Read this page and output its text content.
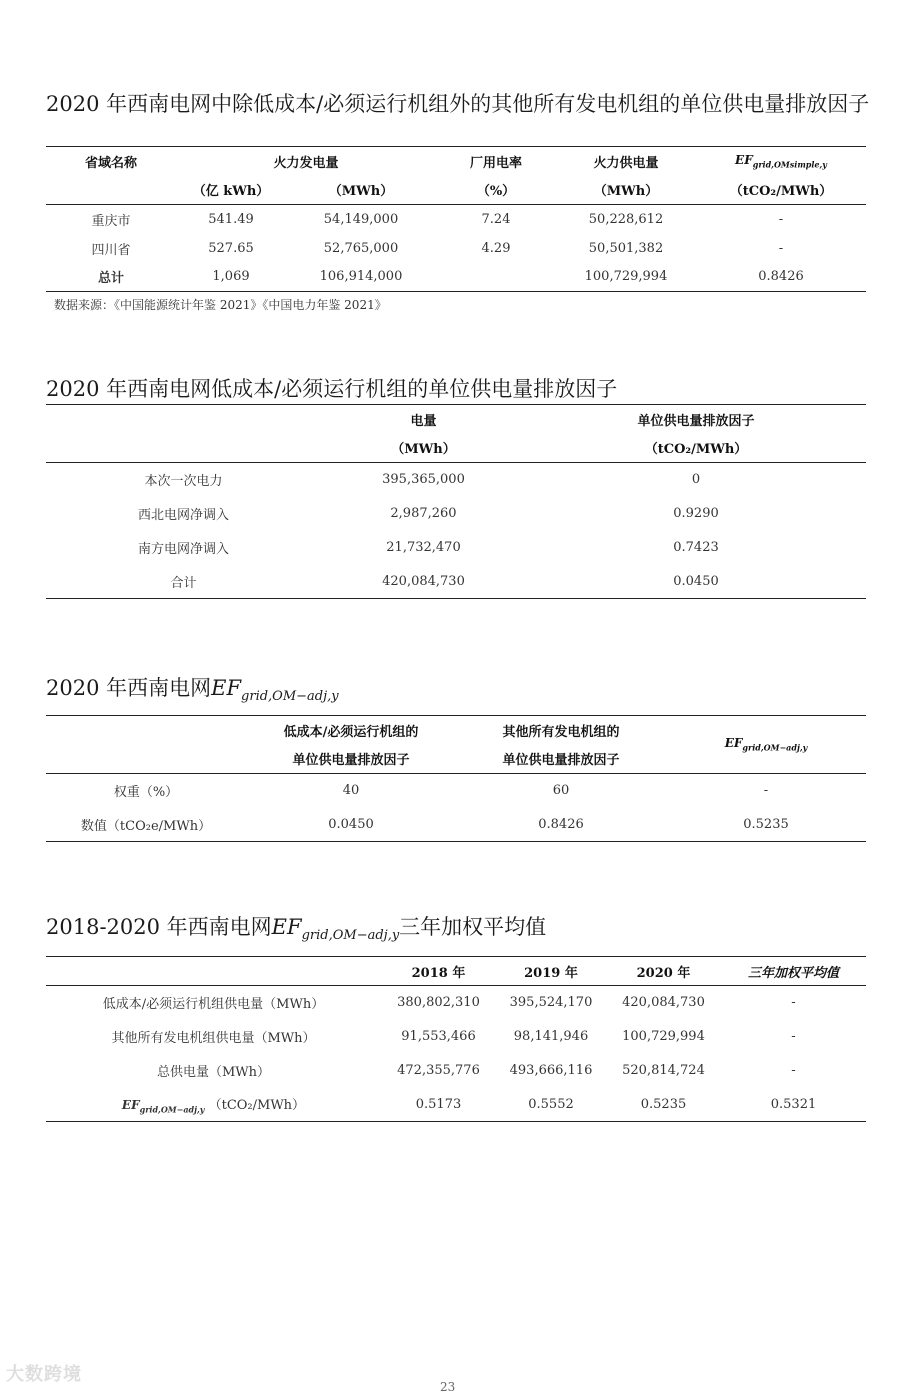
2020 年西南电网中除低成本/必须运行机组外的其他所有发电机组的单位供电量排放因子
省域名称	火力发电量		厂用电率	火力供电量	$EF_{grid,OMsimple,y}$
	（亿 kWh）	（MWh）	（%）	（MWh）	（tCO₂/MWh）
重庆市	541.49	54,149,000	7.24	50,228,612	-
四川省	527.65	52,765,000	4.29	50,501,382	-
总计	1,069	106,914,000		100,729,994	0.8426
数据来源：《中国能源统计年鉴 2021》《中国电力年鉴 2021》
2020 年西南电网低成本/必须运行机组的单位供电量排放因子
	电量	单位供电量排放因子
	（MWh）	（tCO₂/MWh）
本次一次电力	395,365,000	0
西北电网净调入	2,987,260	0.9290
南方电网净调入	21,732,470	0.7423
合计	420,084,730	0.0450
2020 年西南电网$EF_{grid,OM-adj,y}$
	低成本/必须运行机组的	其他所有发电机组的	$EF_{grid,OM-adj,y}$
	单位供电量排放因子	单位供电量排放因子	
权重（%）	40	60	-
数值（tCO₂e/MWh）	0.0450	0.8426	0.5235
2018-2020 年西南电网$EF_{grid,OM-adj,y}$三年加权平均值
	2018 年	2019 年	2020 年	三年加权平均值
低成本/必须运行机组供电量（MWh）	380,802,310	395,524,170	420,084,730	-
其他所有发电机组供电量（MWh）	91,553,466	98,141,946	100,729,994	-
总供电量（MWh）	472,355,776	493,666,116	520,814,724	-
$EF_{grid,OM-adj,y}$ （tCO₂/MWh）	0.5173	0.5552	0.5235	0.5321
大数跨境
23
